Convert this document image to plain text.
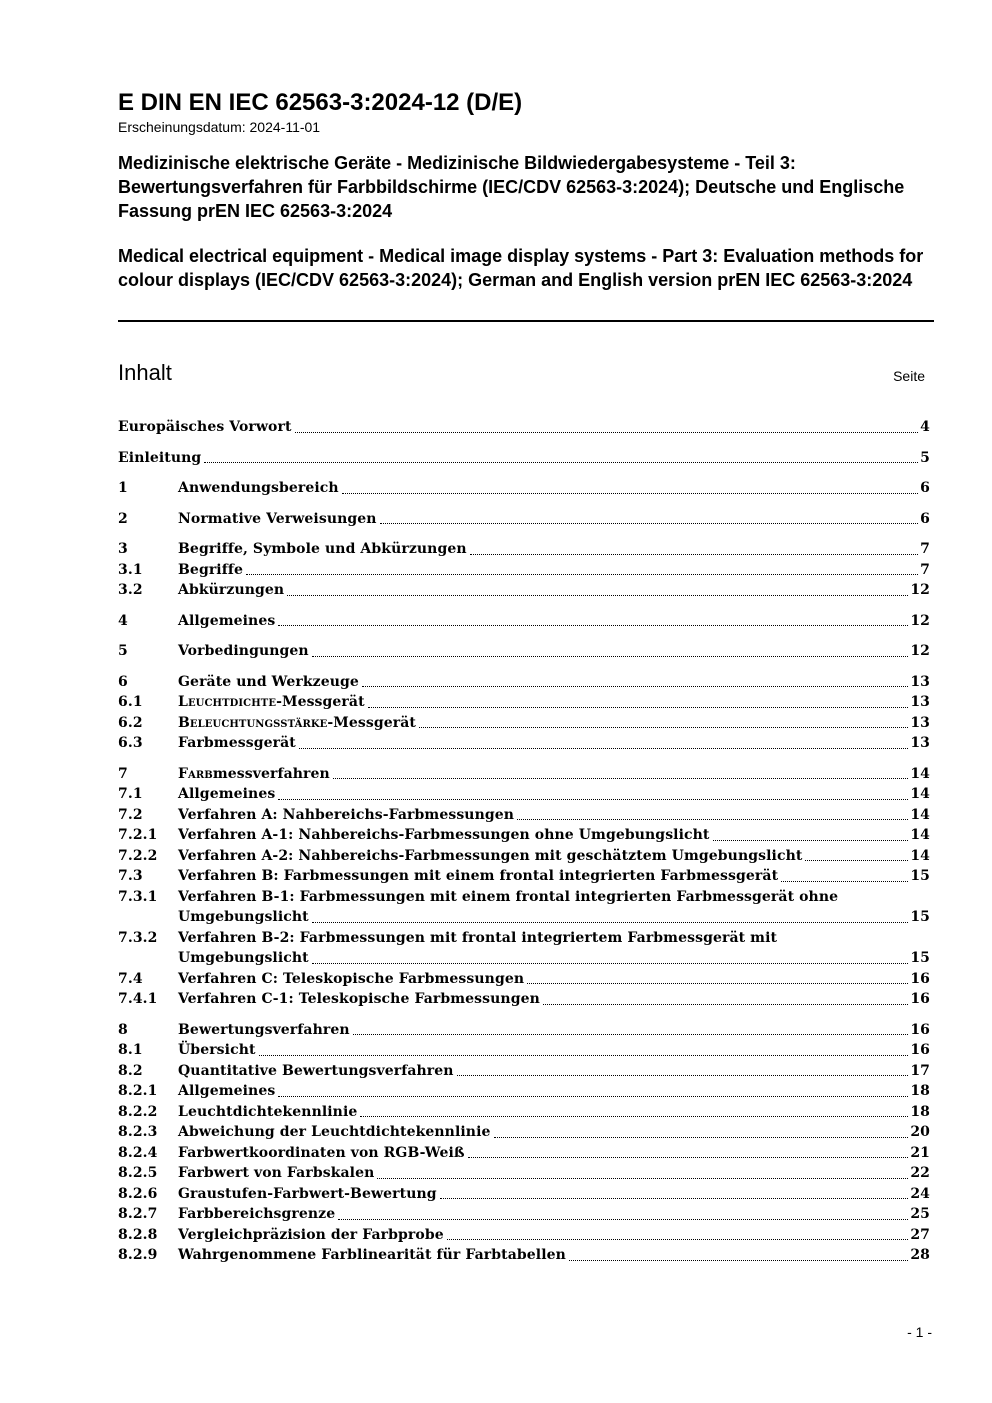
E DIN EN IEC 62563-3:2024-12 (D/E)

Erscheinungsdatum: 2024-11-01

Medizinische elektrische Geräte - Medizinische Bildwiedergabesysteme - Teil 3: Bewertungsverfahren für Farbbildschirme (IEC/CDV 62563-3:2024); Deutsche und Englische Fassung prEN IEC 62563-3:2024

Medical electrical equipment - Medical image display systems - Part 3: Evaluation methods for colour displays (IEC/CDV 62563-3:2024); German and English version prEN IEC 62563-3:2024

Inhalt	Seite
Europäisches Vorwort	4
Einleitung	5
1	Anwendungsbereich	6
2	Normative Verweisungen	6
3	Begriffe, Symbole und Abkürzungen	7
3.1	Begriffe	7
3.2	Abkürzungen	12
4	Allgemeines	12
5	Vorbedingungen	12
6	Geräte und Werkzeuge	13
6.1	Leuchtdichte-Messgerät	13
6.2	Beleuchtungsstärke-Messgerät	13
6.3	Farbmessgerät	13
7	Farbmessverfahren	14
7.1	Allgemeines	14
7.2	Verfahren A: Nahbereichs-Farbmessungen	14
7.2.1	Verfahren A-1: Nahbereichs-Farbmessungen ohne Umgebungslicht	14
7.2.2	Verfahren A-2: Nahbereichs-Farbmessungen mit geschätztem Umgebungslicht	14
7.3	Verfahren B: Farbmessungen mit einem frontal integrierten Farbmessgerät	15
7.3.1	Verfahren B-1: Farbmessungen mit einem frontal integrierten Farbmessgerät ohne
Umgebungslicht	15
7.3.2	Verfahren B-2: Farbmessungen mit frontal integriertem Farbmessgerät mit
Umgebungslicht	15
7.4	Verfahren C: Teleskopische Farbmessungen	16
7.4.1	Verfahren C-1: Teleskopische Farbmessungen	16
8	Bewertungsverfahren	16
8.1	Übersicht	16
8.2	Quantitative Bewertungsverfahren	17
8.2.1	Allgemeines	18
8.2.2	Leuchtdichtekennlinie	18
8.2.3	Abweichung der Leuchtdichtekennlinie	20
8.2.4	Farbwertkoordinaten von RGB-Weiß	21
8.2.5	Farbwert von Farbskalen	22
8.2.6	Graustufen-Farbwert-Bewertung	24
8.2.7	Farbbereichsgrenze	25
8.2.8	Vergleichpräzision der Farbprobe	27
8.2.9	Wahrgenommene Farblinearität für Farbtabellen	28
- 1 -
